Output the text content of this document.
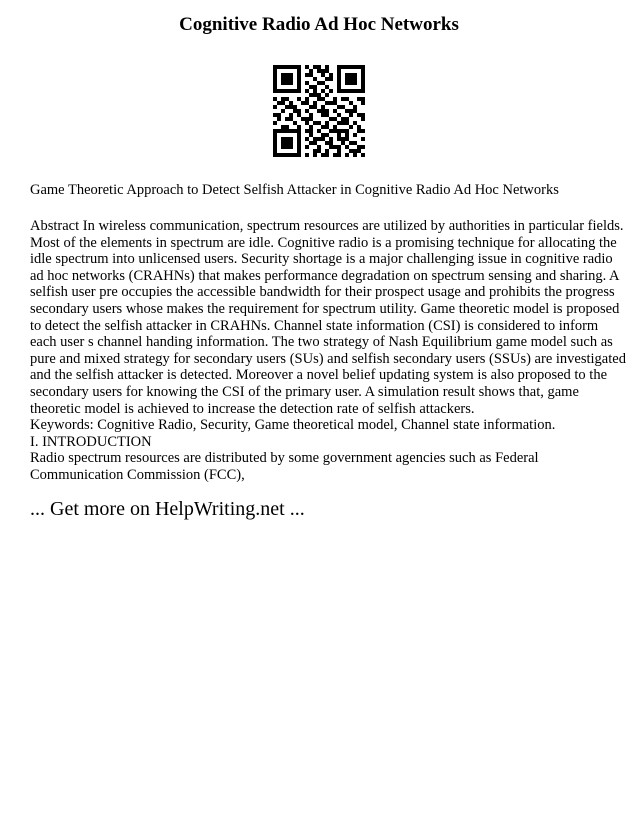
Cognitive Radio Ad Hoc Networks

Game Theoretic Approach to Detect Selfish Attacker in Cognitive Radio Ad Hoc Networks

Abstract In wireless communication, spectrum resources are utilized by authorities in particular fields.
Most of the elements in spectrum are idle. Cognitive radio is a promising technique for allocating the
idle spectrum into unlicensed users. Security shortage is a major challenging issue in cognitive radio
ad hoc networks (CRAHNs) that makes performance degradation on spectrum sensing and sharing. A
selfish user pre occupies the accessible bandwidth for their prospect usage and prohibits the progress
secondary users whose makes the requirement for spectrum utility. Game theoretic model is proposed
to detect the selfish attacker in CRAHNs. Channel state information (CSI) is considered to inform
each user s channel handing information. The two strategy of Nash Equilibrium game model such as
pure and mixed strategy for secondary users (SUs) and selfish secondary users (SSUs) are investigated
and the selfish attacker is detected. Moreover a novel belief updating system is also proposed to the
secondary users for knowing the CSI of the primary user. A simulation result shows that, game
theoretic model is achieved to increase the detection rate of selfish attackers.
Keywords: Cognitive Radio, Security, Game theoretical model, Channel state information.
I. INTRODUCTION
Radio spectrum resources are distributed by some government agencies such as Federal
Communication Commission (FCC),
... Get more on HelpWriting.net ...
